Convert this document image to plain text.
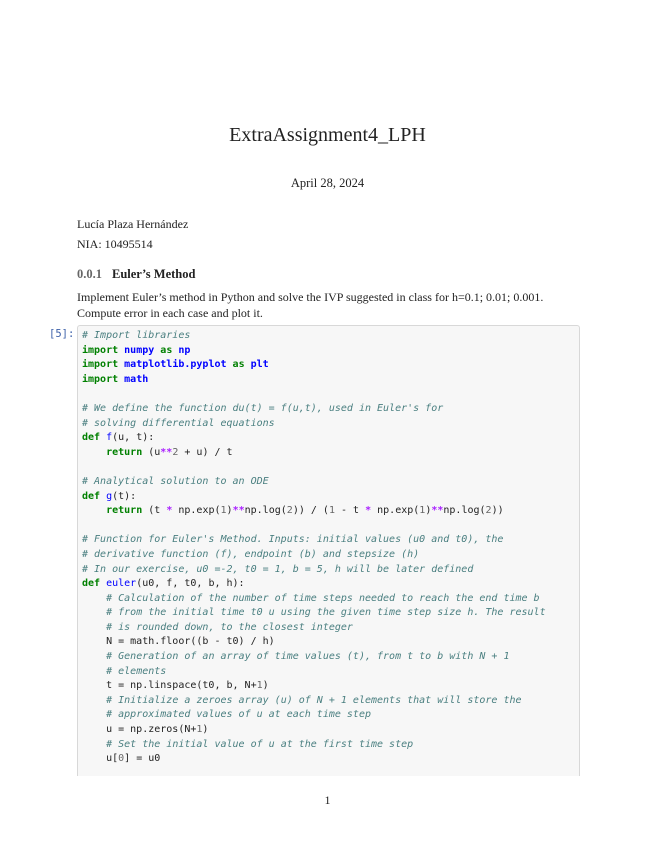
ExtraAssignment4_LPH
April 28, 2024
Lucía Plaza Hernández
NIA: 10495514
0.0.1 Euler’s Method
Implement Euler’s method in Python and solve the IVP suggested in class for h=0.1; 0.01; 0.001. Compute error in each case and plot it.
[5]: # Import libraries
import numpy as np
import matplotlib.pyplot as plt
import math

# We define the function du(t) = f(u,t), used in Euler's for
# solving differential equations
def f(u, t):
return (u**2 + u) / t

# Analytical solution to an ODE
def g(t):
return (t * np.exp(1)**np.log(2)) / (1 - t * np.exp(1)**np.log(2))

# Function for Euler's Method. Inputs: initial values (u0 and t0), the
# derivative function (f), endpoint (b) and stepsize (h)
# In our exercise, u0 =-2, t0 = 1, b = 5, h will be later defined
def euler(u0, f, t0, b, h):
# Calculation of the number of time steps needed to reach the end time b
# from the initial time t0 u using the given time step size h. The result
# is rounded down, to the closest integer
N = math.floor((b - t0) / h)
# Generation of an array of time values (t), from t to b with N + 1
# elements
t = np.linspace(t0, b, N+1)
# Initialize a zeroes array (u) of N + 1 elements that will store the
# approximated values of u at each time step
u = np.zeros(N+1)
# Set the initial value of u at the first time step
u[0] = u0
1
